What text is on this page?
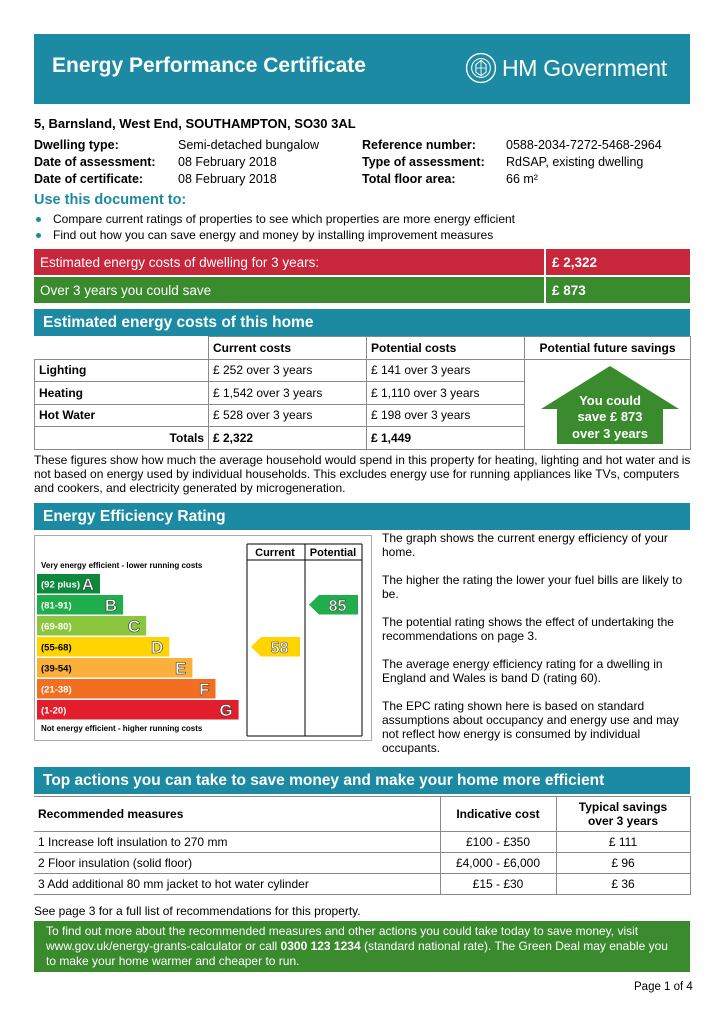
Energy Performance Certificate	HM Government
5, Barnsland, West End, SOUTHAMPTON, SO30 3AL
Dwelling type:	Semi-detached bungalow
Date of assessment: 08 February 2018
Date of certificate:	08 February 2018
Reference number: 0588-2034-7272-5468-2964
Type of assessment: RdSAP, existing dwelling
Total floor area:	66 m²
Use this document to:
Compare current ratings of properties to see which properties are more energy efficient
Find out how you can save energy and money by installing improvement measures
Estimated energy costs of dwelling for 3 years:	£ 2,322
Over 3 years you could save	£ 873
Estimated energy costs of this home
	Current costs	Potential costs	Potential future savings
Lighting	£ 252 over 3 years	£ 141 over 3 years	
Heating	£ 1,542 over 3 years	£ 1,110 over 3 years	
Hot Water	£ 528 over 3 years	£ 198 over 3 years	
Totals	£ 2,322	£ 1,449	
You could
save £ 873
over 3 years
These figures show how much the average household would spend in this property for heating, lighting and hot water and is not based on energy used by individual households. This excludes energy use for running appliances like TVs, computers and cookers, and electricity generated by microgeneration.
Energy Efficiency Rating
Current Potential
Very energy efficient - lower running costs
Not energy efficient - higher running costs
(92 plus) A
(81-91) B
(69-80)	C
(55-68)	D
(39-54)	E
(21-38)	F
(1-20)	G
58
85

The graph shows the current energy efficiency of your home.

The higher the rating the lower your fuel bills are likely to be.

The potential rating shows the effect of undertaking the recommendations on page 3.

The average energy efficiency rating for a dwelling in England and Wales is band D (rating 60).

The EPC rating shown here is based on standard assumptions about occupancy and energy use and may not reflect how energy is consumed by individual occupants.

Top actions you can take to save money and make your home more efficient
Recommended measures	Indicative cost	Typical savings
over 3 years
1 Increase loft insulation to 270 mm	£100 - £350	£ 111
2 Floor insulation (solid floor)	£4,000 - £6,000	£ 96
3 Add additional 80 mm jacket to hot water cylinder	£15 - £30	£ 36
See page 3 for a full list of recommendations for this property.
To find out more about the recommended measures and other actions you could take today to save money, visit www.gov.uk/energy-grants-calculator or call 0300 123 1234 (standard national rate). The Green Deal may enable you to make your home warmer and cheaper to run.
Page 1 of 4
